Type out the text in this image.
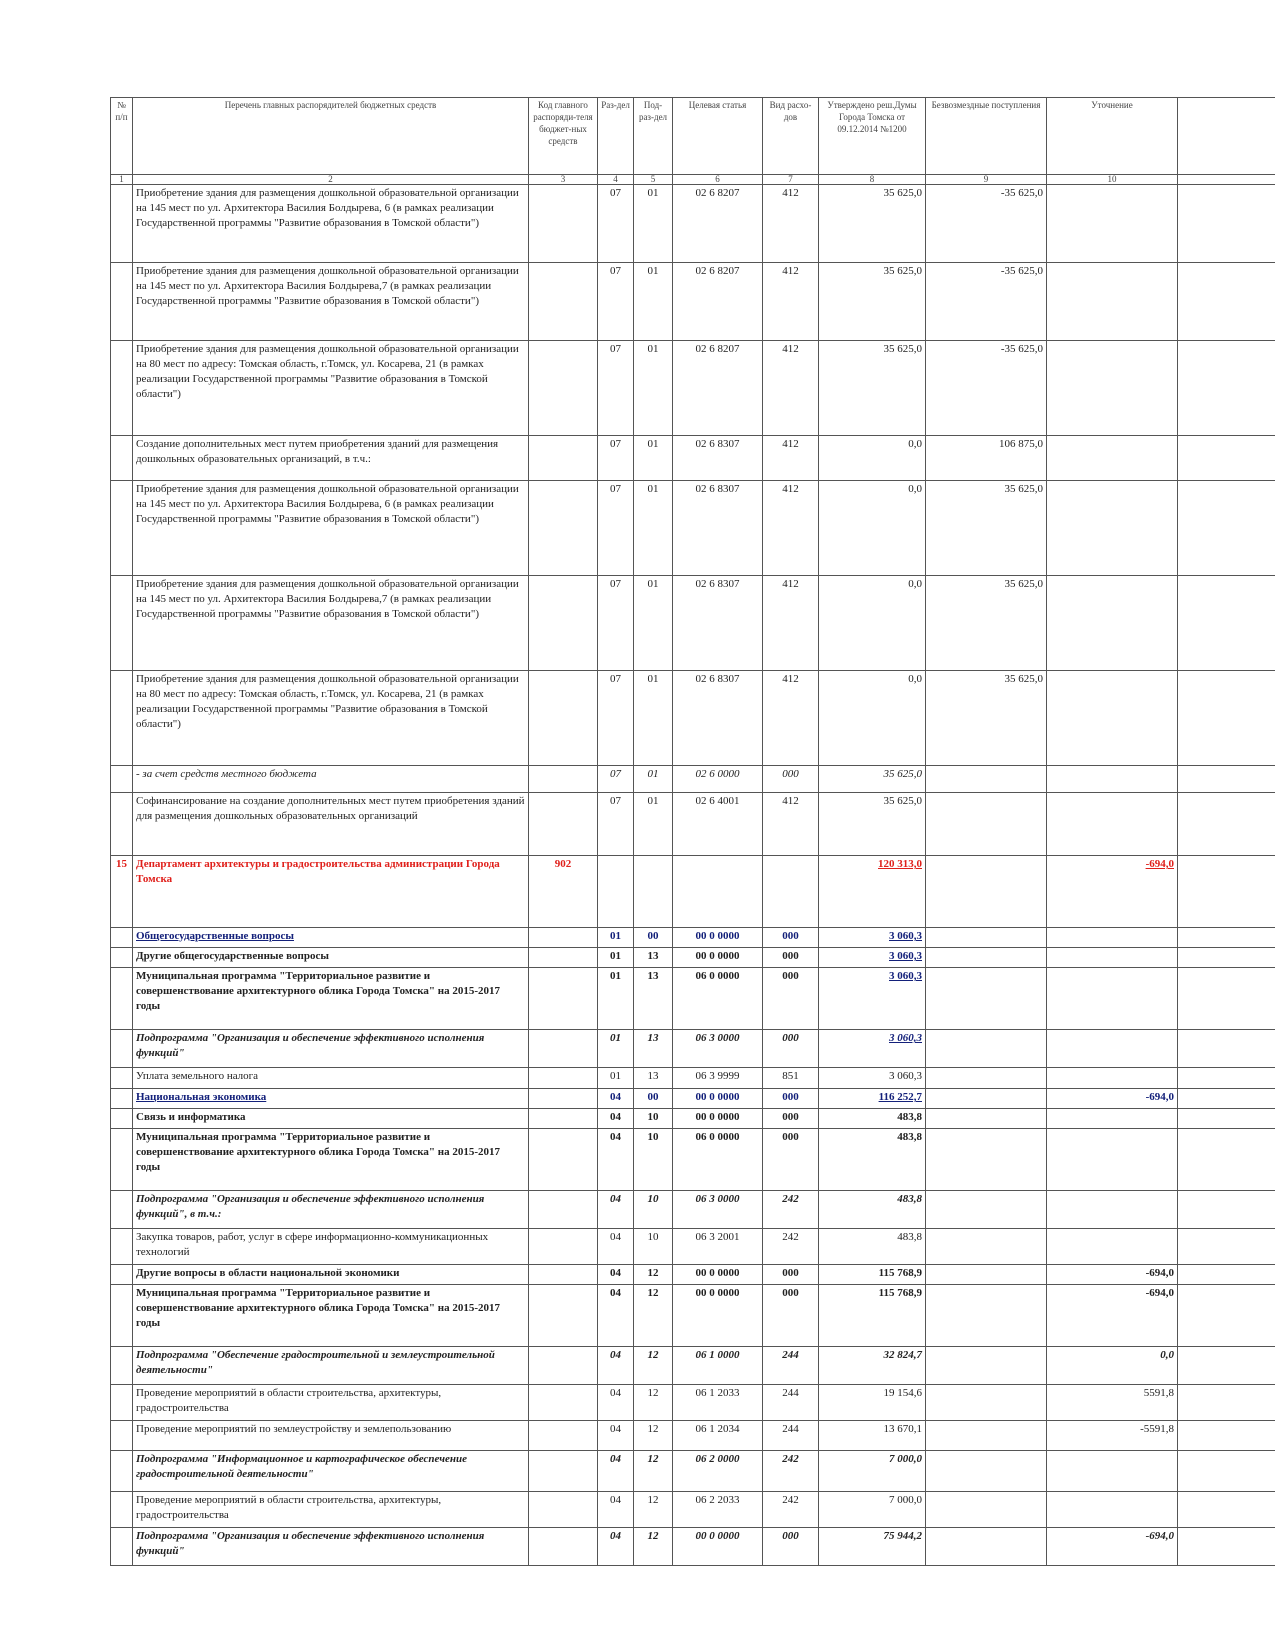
№ п/п	Перечень главных распорядителей бюджетных средств	Код главного распоряди-теля бюджет-ных средств	Раз-дел	Под-раз-дел	Целевая статья	Вид расхо-дов	Утверждено реш.Думы Города Томска от 09.12.2014 №1200	Безвозмездные поступления	Уточнение	
1	2	3	4	5	6	7	8	9	10	
	Приобретение здания для размещения дошкольной образовательной организации на 145 мест по ул. Архитектора Василия Болдырева, 6 (в рамках реализации Государственной программы "Развитие образования в Томской области")		07	01	02 6 8207	412	35 625,0	-35 625,0		
	Приобретение здания для размещения дошкольной образовательной организации на 145 мест по ул. Архитектора Василия Болдырева,7 (в рамках реализации Государственной программы "Развитие образования в Томской области")		07	01	02 6 8207	412	35 625,0	-35 625,0		
	Приобретение здания для размещения дошкольной образовательной организации на 80 мест по адресу: Томская область, г.Томск, ул. Косарева, 21 (в рамках реализации Государственной программы "Развитие образования в Томской области")		07	01	02 6 8207	412	35 625,0	-35 625,0		
	Создание дополнительных мест путем приобретения зданий для размещения дошкольных образовательных организаций, в т.ч.:		07	01	02 6 8307	412	0,0	106 875,0		
	Приобретение здания для размещения дошкольной образовательной организации на 145 мест по ул. Архитектора Василия Болдырева, 6 (в рамках реализации Государственной программы "Развитие образования в Томской области")		07	01	02 6 8307	412	0,0	35 625,0		
	Приобретение здания для размещения дошкольной образовательной организации на 145 мест по ул. Архитектора Василия Болдырева,7 (в рамках реализации Государственной программы "Развитие образования в Томской области")		07	01	02 6 8307	412	0,0	35 625,0		
	Приобретение здания для размещения дошкольной образовательной организации на 80 мест по адресу: Томская область, г.Томск, ул. Косарева, 21 (в рамках реализации Государственной программы "Развитие образования в Томской области")		07	01	02 6 8307	412	0,0	35 625,0		
	- за счет средств местного бюджета		07	01	02 6 0000	000	35 625,0			
	Софинансирование на создание дополнительных мест путем приобретения зданий для размещения дошкольных образовательных организаций		07	01	02 6 4001	412	35 625,0			
15	Департамент архитектуры и градостроительства администрации Города Томска	902					120 313,0		-694,0	
	Общегосударственные вопросы		01	00	00 0 0000	000	3 060,3			
	Другие общегосударственные вопросы		01	13	00 0 0000	000	3 060,3			
	Муниципальная программа "Территориальное развитие и совершенствование архитектурного облика Города Томска" на 2015-2017 годы		01	13	06 0 0000	000	3 060,3			
	Подпрограмма "Организация и обеспечение эффективного исполнения функций"		01	13	06 3 0000	000	3 060,3			
	Уплата земельного налога		01	13	06 3 9999	851	3 060,3			
	Национальная экономика		04	00	00 0 0000	000	116 252,7		-694,0	
	Связь и информатика		04	10	00 0 0000	000	483,8			
	Муниципальная программа "Территориальное развитие и совершенствование архитектурного облика Города Томска" на 2015-2017 годы		04	10	06 0 0000	000	483,8			
	Подпрограмма "Организация и обеспечение эффективного исполнения функций", в т.ч.:		04	10	06 3 0000	242	483,8			
	Закупка товаров, работ, услуг в сфере информационно-коммуникационных технологий		04	10	06 3 2001	242	483,8			
	Другие вопросы в области национальной экономики		04	12	00 0 0000	000	115 768,9		-694,0	
	Муниципальная программа "Территориальное развитие и совершенствование архитектурного облика Города Томска" на 2015-2017 годы		04	12	00 0 0000	000	115 768,9		-694,0	
	Подпрограмма "Обеспечение градостроительной и землеустроительной деятельности"		04	12	06 1 0000	244	32 824,7		0,0	
	Проведение мероприятий в области строительства, архитектуры, градостроительства		04	12	06 1 2033	244	19 154,6		5591,8	
	Проведение мероприятий по землеустройству и землепользованию		04	12	06 1 2034	244	13 670,1		-5591,8	
	Подпрограмма "Информационное и картографическое обеспечение градостроительной деятельности"		04	12	06 2 0000	242	7 000,0			
	Проведение мероприятий в области строительства, архитектуры, градостроительства		04	12	06 2 2033	242	7 000,0			
	Подпрограмма "Организация и обеспечение эффективного исполнения функций"		04	12	00 0 0000	000	75 944,2		-694,0	
